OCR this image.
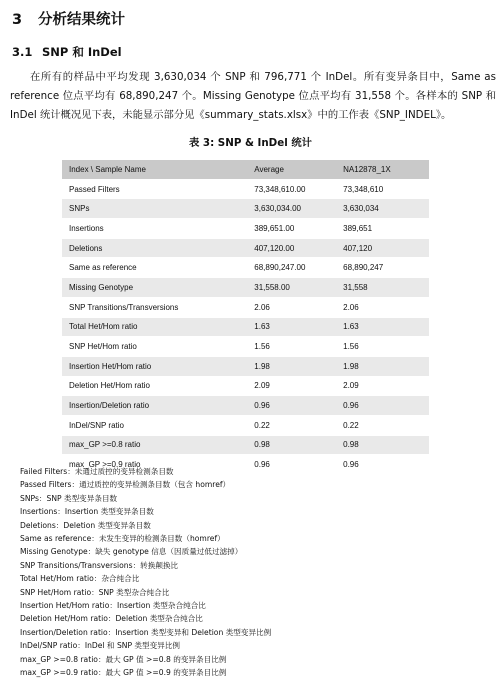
3 分析结果统计
3.1 SNP 和 InDel

在所有的样品中平均发现 3,630,034 个 SNP 和 796,771 个 InDel。所有变异条目中，Same as reference 位点平均有 68,890,247 个。Missing Genotype 位点平均有 31,558 个。各样本的 SNP 和 InDel 统计概况见下表，未能显示部分见《summary_stats.xlsx》中的工作表《SNP_INDEL》。

表 3: SNP & InDel 统计
Index \ Sample Name	Average	NA12878_1X
Passed Filters	73,348,610.00	73,348,610
SNPs	3,630,034.00	3,630,034
Insertions	389,651.00	389,651
Deletions	407,120.00	407,120
Same as reference	68,890,247.00	68,890,247
Missing Genotype	31,558.00	31,558
SNP Transitions/Transversions	2.06	2.06
Total Het/Hom ratio	1.63	1.63
SNP Het/Hom ratio	1.56	1.56
Insertion Het/Hom ratio	1.98	1.98
Deletion Het/Hom ratio	2.09	2.09
Insertion/Deletion ratio	0.96	0.96
InDel/SNP ratio	0.22	0.22
max_GP >=0.8 ratio	0.98	0.98
max_GP >=0.9 ratio	0.96	0.96
Failed Filters：未通过质控的变异检测条目数
Passed Filters：通过质控的变异检测条目数（包含 homref）
SNPs：SNP 类型变异条目数
Insertions：Insertion 类型变异条目数
Deletions：Deletion 类型变异条目数
Same as reference：未发生变异的检测条目数（homref）
Missing Genotype：缺失 genotype 信息（因质量过低过滤掉）
SNP Transitions/Transversions：转换颠换比
Total Het/Hom ratio：杂合纯合比
SNP Het/Hom ratio：SNP 类型杂合纯合比
Insertion Het/Hom ratio：Insertion 类型杂合纯合比
Deletion Het/Hom ratio：Deletion 类型杂合纯合比
Insertion/Deletion ratio：Insertion 类型变异和 Deletion 类型变异比例
InDel/SNP ratio：InDel 和 SNP 类型变异比例
max_GP >=0.8 ratio：最大 GP 值 >=0.8 的变异条目比例
max_GP >=0.9 ratio：最大 GP 值 >=0.9 的变异条目比例
